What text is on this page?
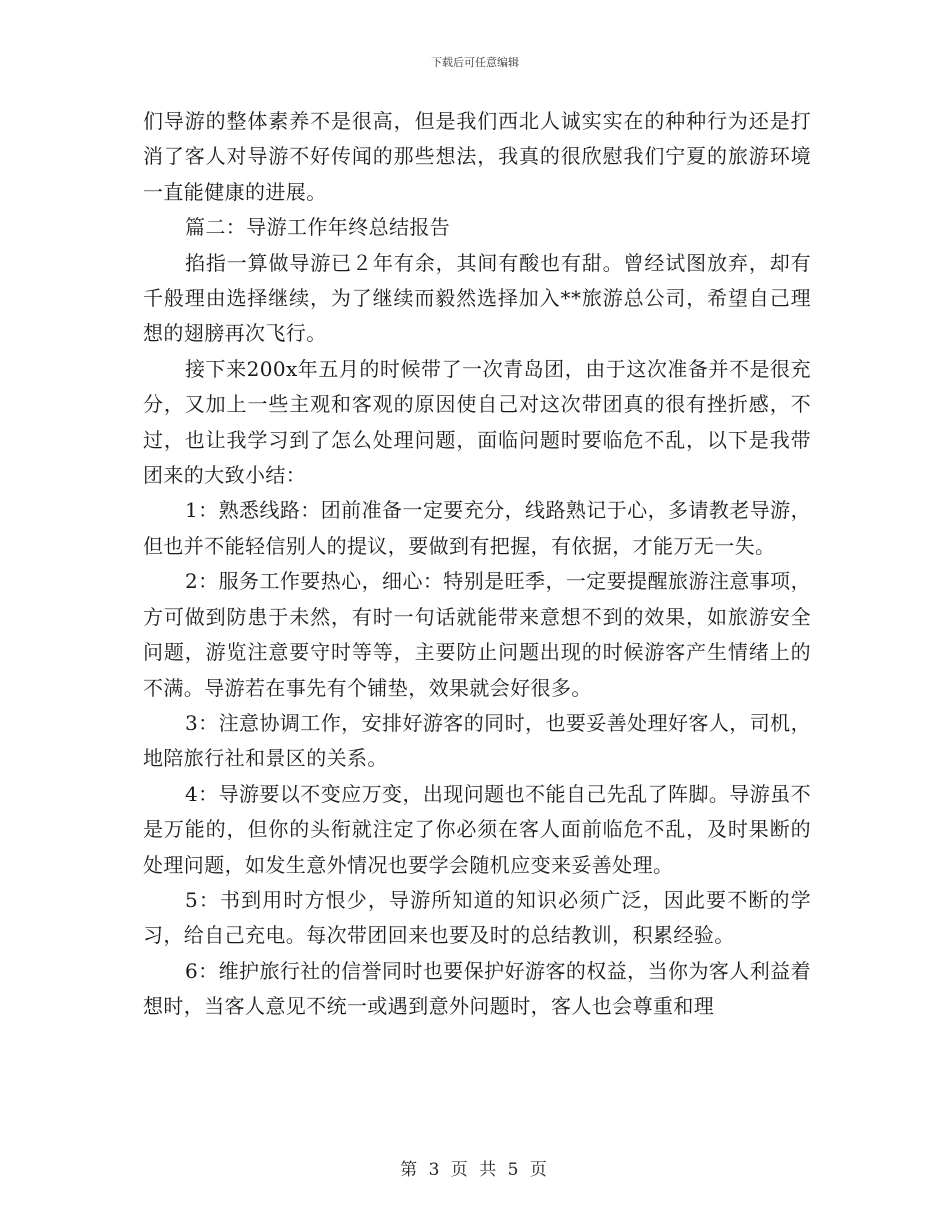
下载后可任意编辑

们导游的整体素养不是很高，但是我们西北人诚实实在的种种行为还是打消了客人对导游不好传闻的那些想法，我真的很欣慰我们宁夏的旅游环境一直能健康的进展。

篇二：导游工作年终总结报告

掐指一算做导游已２年有余，其间有酸也有甜。曾经试图放弃，却有千般理由选择继续，为了继续而毅然选择加入**旅游总公司，希望自己理想的翅膀再次飞行。

接下来200x年五月的时候带了一次青岛团，由于这次准备并不是很充分，又加上一些主观和客观的原因使自己对这次带团真的很有挫折感，不过，也让我学习到了怎么处理问题，面临问题时要临危不乱，以下是我带团来的大致小结：

1：熟悉线路：团前准备一定要充分，线路熟记于心，多请教老导游，但也并不能轻信别人的提议，要做到有把握，有依据，才能万无一失。

2：服务工作要热心，细心：特别是旺季，一定要提醒旅游注意事项，方可做到防患于未然，有时一句话就能带来意想不到的效果，如旅游安全问题，游览注意要守时等等，主要防止问题出现的时候游客产生情绪上的不满。导游若在事先有个铺垫，效果就会好很多。

3：注意协调工作，安排好游客的同时，也要妥善处理好客人，司机，地陪旅行社和景区的关系。

4：导游要以不变应万变，出现问题也不能自己先乱了阵脚。导游虽不是万能的，但你的头衔就注定了你必须在客人面前临危不乱，及时果断的处理问题，如发生意外情况也要学会随机应变来妥善处理。

5：书到用时方恨少，导游所知道的知识必须广泛，因此要不断的学习，给自己充电。每次带团回来也要及时的总结教训，积累经验。

6：维护旅行社的信誉同时也要保护好游客的权益，当你为客人利益着想时，当客人意见不统一或遇到意外问题时，客人也会尊重和理

第 3 页 共 5 页
